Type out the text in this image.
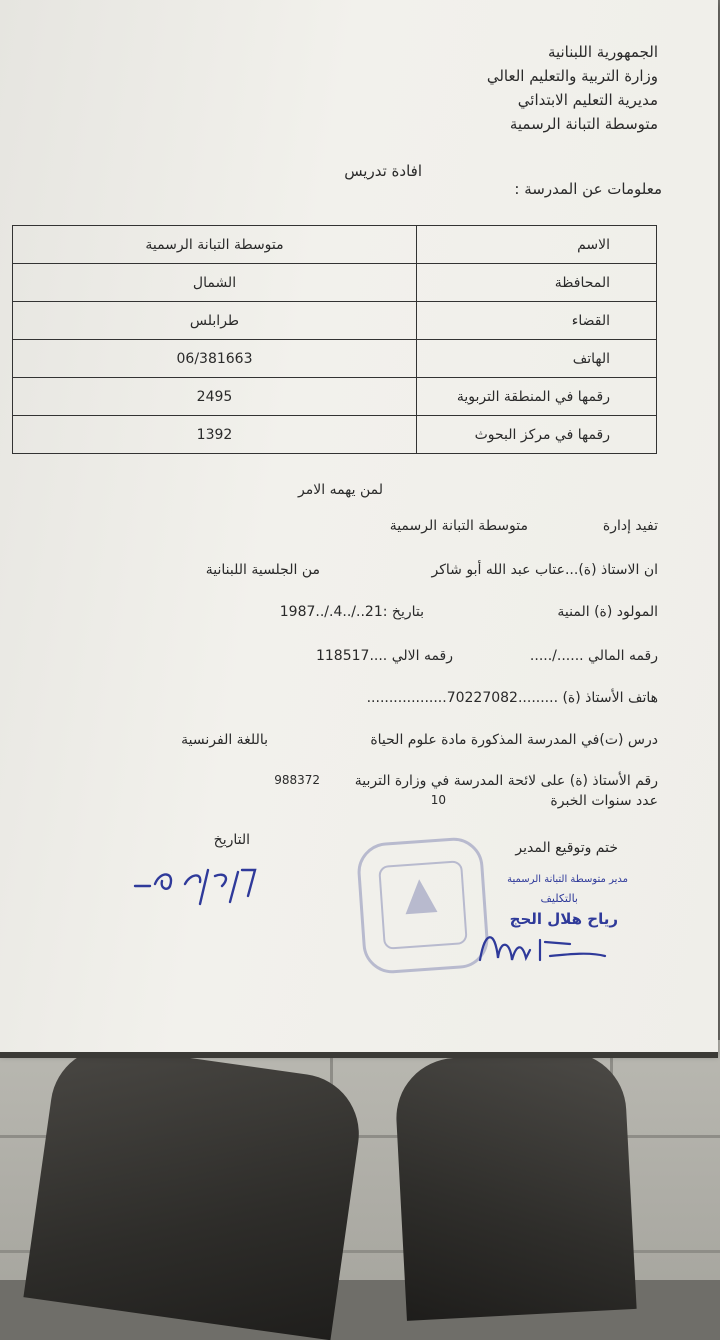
الجمهورية اللبنانية
وزارة التربية والتعليم العالي
مديرية التعليم الابتدائي
متوسطة التبانة الرسمية
افادة تدريس
معلومات عن المدرسة :
الاسم	متوسطة التبانة الرسمية
المحافظة	الشمال
القضاء	طرابلس
الهاتف	06/381663
رقمها في المنطقة التربوية	2495
رقمها في مركز البحوث	1392
لمن يهمه الامر
تفيد إدارة
متوسطة التبانة الرسمية
ان الاستاذ (ة)...عتاب عبد الله أبو شاكر
من الجلسية اللبنانية
المولود (ة) المنية
بتاريخ :21../..4./..1987
رقمه المالي ....../.....
رقمه الالي ....118517
هاتف الأستاذ (ة) .........70227082..................
درس (ت)في المدرسة المذكورة مادة علوم الحياة
باللغة الفرنسية
رقم الأستاذ (ة) على لائحة المدرسة في وزارة التربية
988372
عدد سنوات الخبرة
10
ختم وتوقيع المدير
التاريخ
مدير متوسطة التبانة الرسمية
بالتكليف
رياح هلال الحج
